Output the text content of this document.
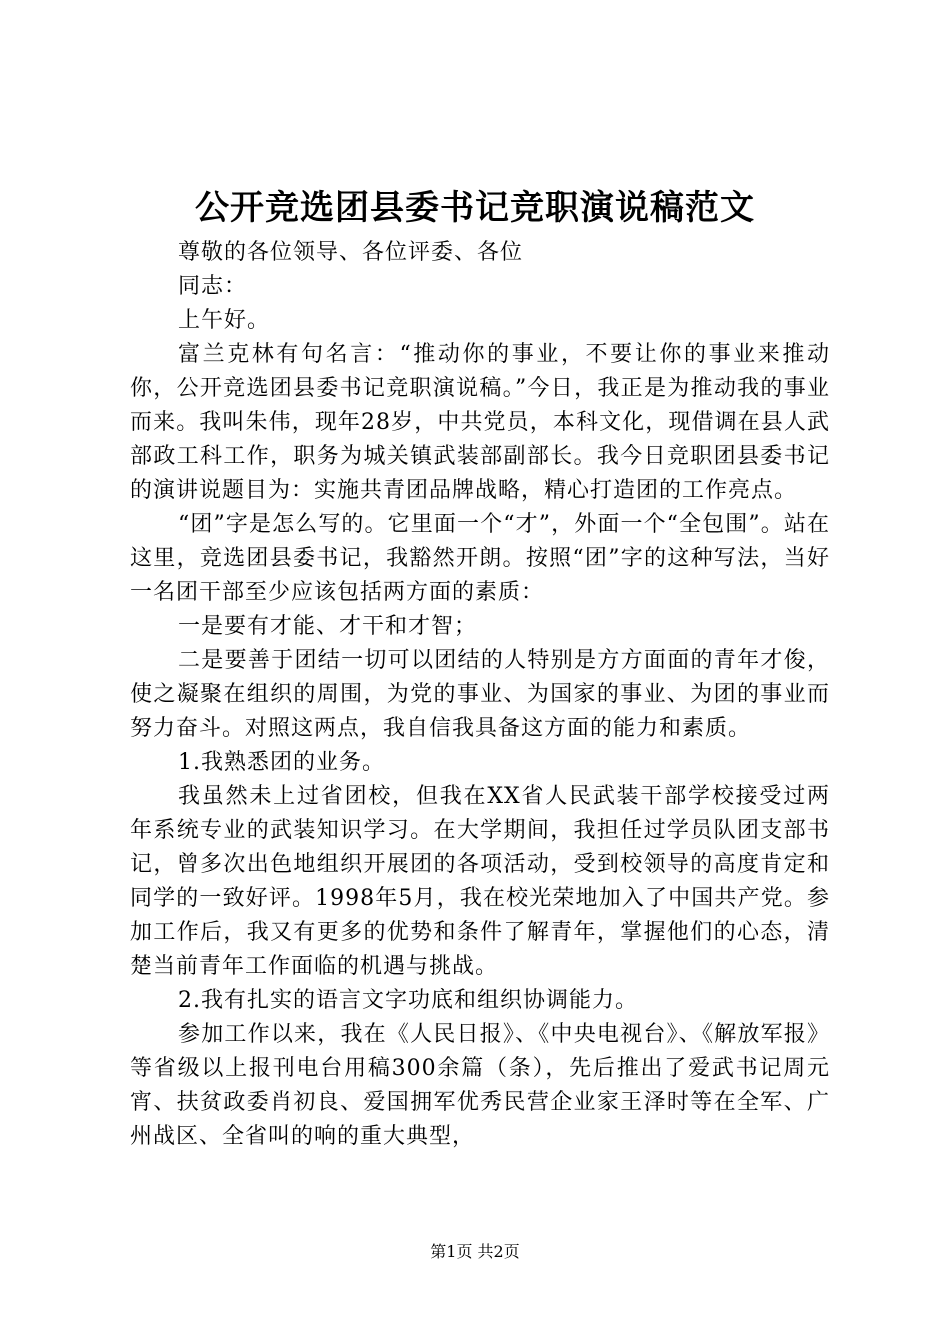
公开竞选团县委书记竞职演说稿范文

尊敬的各位领导、各位评委、各位

同志：

上午好。

富兰克林有句名言：“推动你的事业，不要让你的事业来推动你，公开竞选团县委书记竞职演说稿。”今日，我正是为推动我的事业而来。我叫朱伟，现年28岁，中共党员，本科文化，现借调在县人武部政工科工作，职务为城关镇武装部副部长。我今日竞职团县委书记的演讲说题目为：实施共青团品牌战略，精心打造团的工作亮点。

“团”字是怎么写的。它里面一个“才”，外面一个“全包围”。站在这里，竞选团县委书记，我豁然开朗。按照“团”字的这种写法，当好一名团干部至少应该包括两方面的素质：

一是要有才能、才干和才智；

二是要善于团结一切可以团结的人特别是方方面面的青年才俊，使之凝聚在组织的周围，为党的事业、为国家的事业、为团的事业而努力奋斗。对照这两点，我自信我具备这方面的能力和素质。

1.我熟悉团的业务。

我虽然未上过省团校，但我在XX省人民武装干部学校接受过两年系统专业的武装知识学习。在大学期间，我担任过学员队团支部书记，曾多次出色地组织开展团的各项活动，受到校领导的高度肯定和同学的一致好评。1998年5月，我在校光荣地加入了中国共产党。参加工作后，我又有更多的优势和条件了解青年，掌握他们的心态，清楚当前青年工作面临的机遇与挑战。

2.我有扎实的语言文字功底和组织协调能力。

参加工作以来，我在《人民日报》、《中央电视台》、《解放军报》等省级以上报刊电台用稿300余篇（条），先后推出了爱武书记周元宵、扶贫政委肖初良、爱国拥军优秀民营企业家王泽时等在全军、广州战区、全省叫的响的重大典型，

第1页 共2页
